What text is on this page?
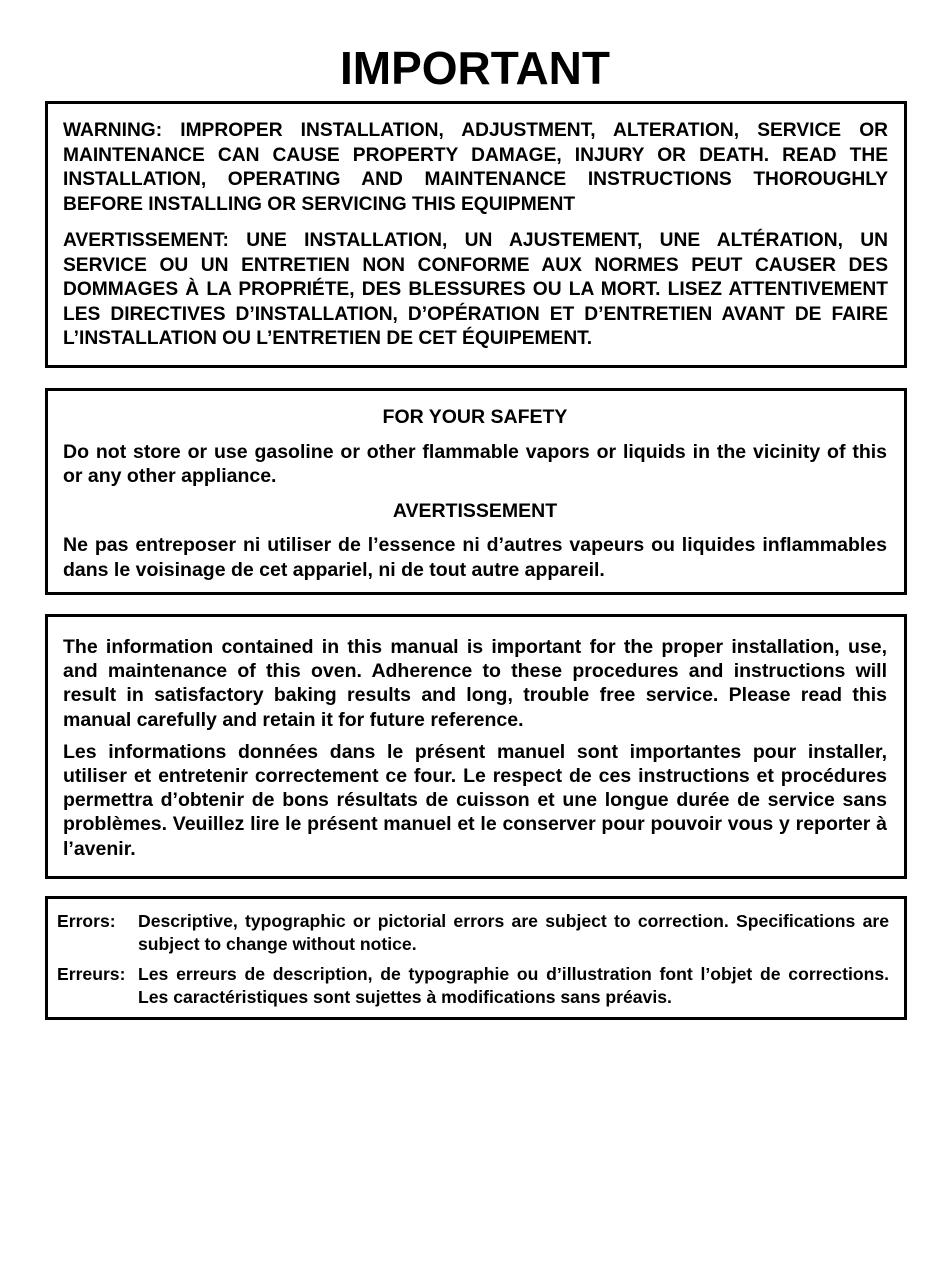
IMPORTANT

WARNING: IMPROPER INSTALLATION, ADJUSTMENT, ALTERATION, SERVICE OR MAINTENANCE CAN CAUSE PROPERTY DAMAGE, INJURY OR DEATH. READ THE INSTALLATION, OPERATING AND MAINTENANCE INSTRUCTIONS THOROUGHLY BEFORE INSTALLING OR SERVICING THIS EQUIPMENT

AVERTISSEMENT: UNE INSTALLATION, UN AJUSTEMENT, UNE ALTÉRATION, UN SERVICE OU UN ENTRETIEN NON CONFORME AUX NORMES PEUT CAUSER DES DOMMAGES À LA PROPRIÉTE, DES BLESSURES OU LA MORT. LISEZ ATTENTIVEMENT LES DIRECTIVES D’INSTALLATION, D’OPÉRATION ET D’ENTRETIEN AVANT DE FAIRE L’INSTALLATION OU L’ENTRETIEN DE CET ÉQUIPEMENT.

FOR YOUR SAFETY

Do not store or use gasoline or other flammable vapors or liquids in the vicinity of this or any other appliance.

AVERTISSEMENT

Ne pas entreposer ni utiliser de l’essence ni d’autres vapeurs ou liquides inflammables dans le voisinage de cet appariel, ni de tout autre appareil.

The information contained in this manual is important for the proper installation, use, and maintenance of this oven. Adherence to these procedures and instructions will result in satisfactory baking results and long, trouble free service. Please read this manual carefully and retain it for future reference.

Les informations données dans le présent manuel sont importantes pour installer, utiliser et entretenir correctement ce four. Le respect de ces instructions et procédures permettra d’obtenir de bons résultats de cuisson et une longue durée de service sans problèmes. Veuillez lire le présent manuel et le conserver pour pouvoir vous y reporter à l’avenir.

Errors:	Descriptive, typographic or pictorial errors are subject to correction. Specifications are subject to change without notice.
Erreurs: Les erreurs de description, de typographie ou d’illustration font l’objet de corrections. Les caractéristiques sont sujettes à modifications sans préavis.
